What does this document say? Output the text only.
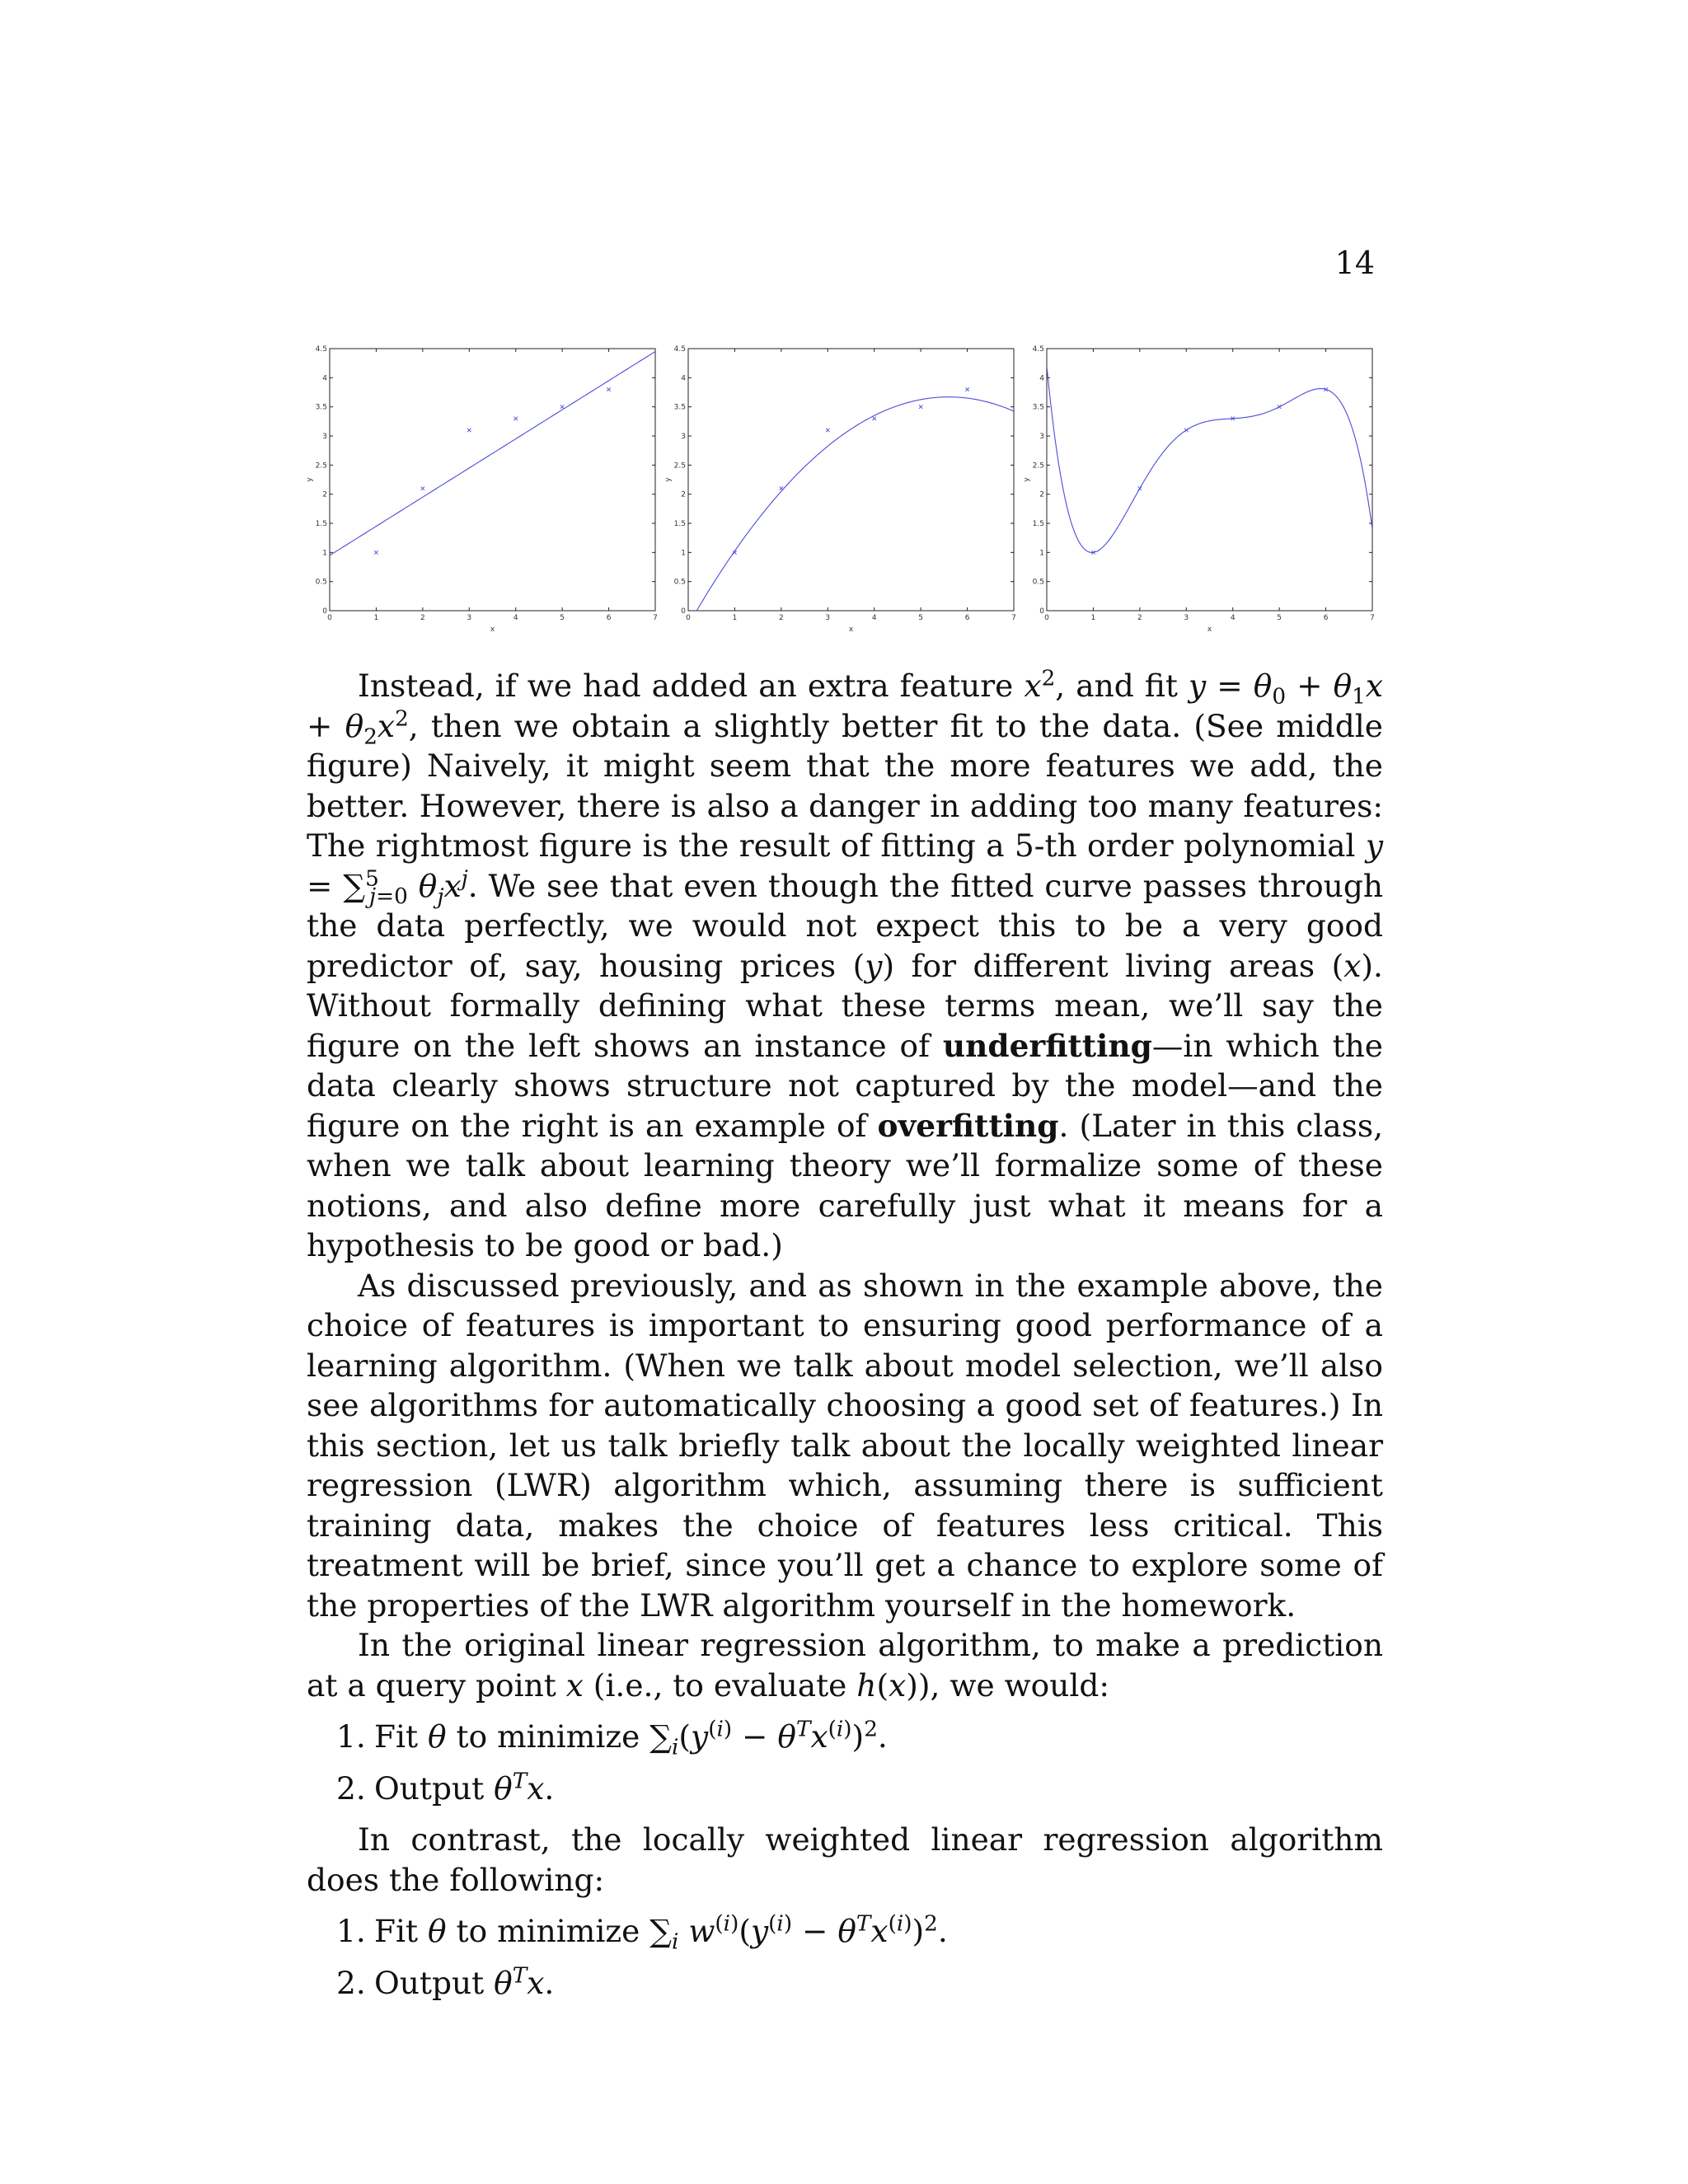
14
0	1	2	3	4	5	6	7
0
0.5
1
1.5
2
2.5
3
3.5
4
4.5
x
y
0	1	2	3	4	5	6	7
0
0.5
1
1.5
2
2.5
3
3.5
4
4.5
x
y
0	1	2	3	4	5	6	7
0
0.5
1
1.5
2
2.5
3
3.5
4
4.5
x
y

Instead, if we had added an extra feature $x^2$, and fit $y = \theta_0 + \theta_1x + \theta_2x^2$, then we obtain a slightly better fit to the data. (See middle figure) Naively, it might seem that the more features we add, the better. However, there is also a danger in adding too many features: The rightmost figure is the result of fitting a 5-th order polynomial y = ∑$^5_{j=0}$ $\theta_jx^j$. We see that even though the fitted curve passes through the data perfectly, we would not expect this to be a very good predictor of, say, housing prices (y) for different living areas (x). Without formally defining what these terms mean, we’ll say the figure on the left shows an instance of underfitting—in which the data clearly shows structure not captured by the model—and the figure on the right is an example of overfitting. (Later in this class, when we talk about learning theory we’ll formalize some of these notions, and also define more carefully just what it means for a hypothesis to be good or bad.)

As discussed previously, and as shown in the example above, the choice of features is important to ensuring good performance of a learning algorithm. (When we talk about model selection, we’ll also see algorithms for automatically choosing a good set of features.) In this section, let us talk briefly talk about the locally weighted linear regression (LWR) algorithm which, assuming there is sufficient training data, makes the choice of features less critical. This treatment will be brief, since you’ll get a chance to explore some of the properties of the LWR algorithm yourself in the homework.

In the original linear regression algorithm, to make a prediction at a query point x (i.e., to evaluate h(x)), we would:

1. Fit θ to minimize $\sum_i(y^{(i)} - \theta^Tx^{(i)})^2$.
2. Output $\theta^Tx$.

In contrast, the locally weighted linear regression algorithm does the following:

1. Fit θ to minimize $\sum_i$ $w^{(i)}(y^{(i)} - \theta^Tx^{(i)})^2$.
2. Output $\theta^Tx$.
